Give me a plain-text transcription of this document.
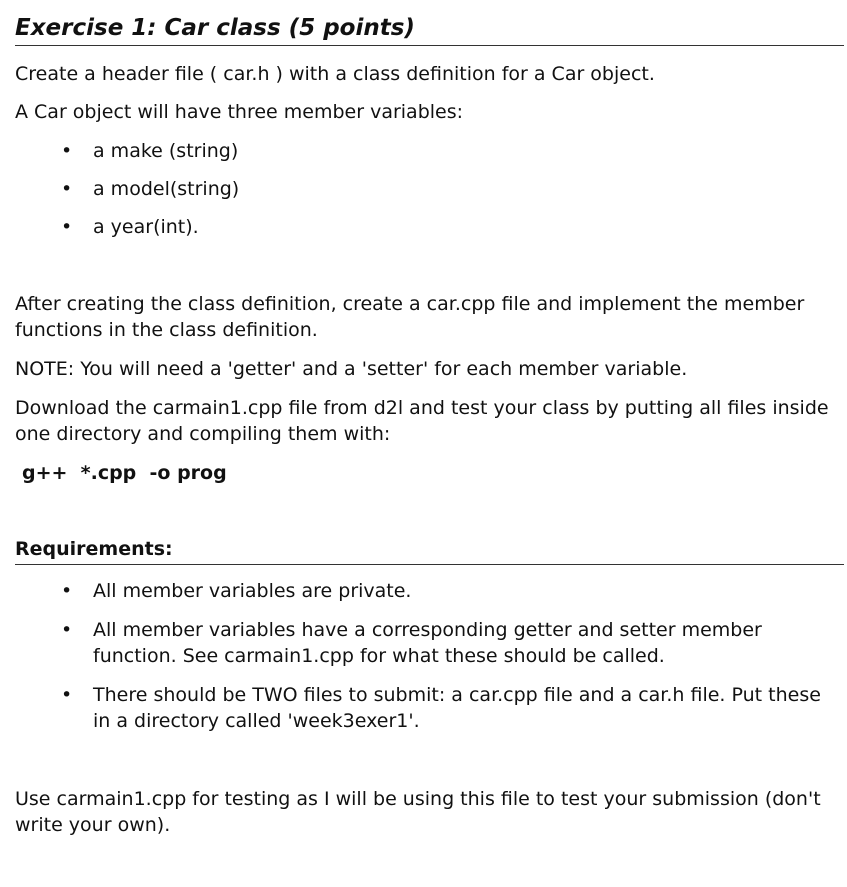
Exercise 1: Car class (5 points)

Create a header file ( car.h ) with a class definition for a Car object.

A Car object will have three member variables:

• a make (string)
• a model(string)
• a year(int).

After creating the class definition, create a car.cpp file and implement the member functions in the class definition.

NOTE: You will need a 'getter' and a 'setter' for each member variable.

Download the carmain1.cpp file from d2l and test your class by putting all files inside one directory and compiling them with:

g++  *.cpp  -o prog
Requirements:
• All member variables are private.
• All member variables have a corresponding getter and setter member function. See carmain1.cpp for what these should be called.
• There should be TWO files to submit: a car.cpp file and a car.h file. Put these in a directory called 'week3exer1'.

Use carmain1.cpp for testing as I will be using this file to test your submission (don't write your own).
